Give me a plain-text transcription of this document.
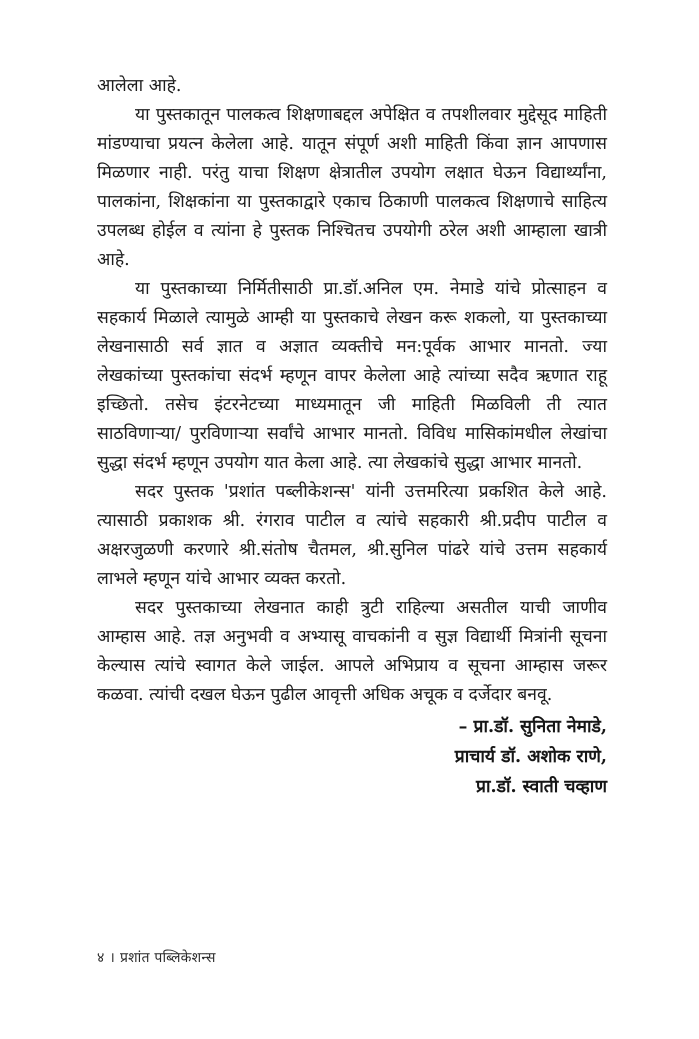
आलेला आहे.

या पुस्तकातून पालकत्व शिक्षणाबद्दल अपेक्षित व तपशीलवार मुद्देसूद माहिती मांडण्याचा प्रयत्न केलेला आहे. यातून संपूर्ण अशी माहिती किंवा ज्ञान आपणास मिळणार नाही. परंतु याचा शिक्षण क्षेत्रातील उपयोग लक्षात घेऊन विद्यार्थ्यांना, पालकांना, शिक्षकांना या पुस्तकाद्वारे एकाच ठिकाणी पालकत्व शिक्षणाचे साहित्य उपलब्ध होईल व त्यांना हे पुस्तक निश्चितच उपयोगी ठरेल अशी आम्हाला खात्री आहे.

या पुस्तकाच्या निर्मितीसाठी प्रा.डॉ.अनिल एम. नेमाडे यांचे प्रोत्साहन व सहकार्य मिळाले त्यामुळे आम्ही या पुस्तकाचे लेखन करू शकलो, या पुस्तकाच्या लेखनासाठी सर्व ज्ञात व अज्ञात व्यक्तीचे मन:पूर्वक आभार मानतो. ज्या लेखकांच्या पुस्तकांचा संदर्भ म्हणून वापर केलेला आहे त्यांच्या सदैव ऋणात राहू इच्छितो. तसेच इंटरनेटच्या माध्यमातून जी माहिती मिळविली ती त्यात साठविणाऱ्या/ पुरविणाऱ्या सर्वांचे आभार मानतो. विविध मासिकांमधील लेखांचा सुद्धा संदर्भ म्हणून उपयोग यात केला आहे. त्या लेखकांचे सुद्धा आभार मानतो.

सदर पुस्तक 'प्रशांत पब्लीकेशन्स' यांनी उत्तमरित्या प्रकशित केले आहे. त्यासाठी प्रकाशक श्री. रंगराव पाटील व त्यांचे सहकारी श्री.प्रदीप पाटील व अक्षरजुळणी करणारे श्री.संतोष चैतमल, श्री.सुनिल पांढरे यांचे उत्तम सहकार्य लाभले म्हणून यांचे आभार व्यक्त करतो.

सदर पुस्तकाच्या लेखनात काही त्रुटी राहिल्या असतील याची जाणीव आम्हास आहे. तज्ञ अनुभवी व अभ्यासू वाचकांनी व सुज्ञ विद्यार्थी मित्रांनी सूचना केल्यास त्यांचे स्वागत केले जाईल. आपले अभिप्राय व सूचना आम्हास जरूर कळवा. त्यांची दखल घेऊन पुढील आवृत्ती अधिक अचूक व दर्जेदार बनवू.

– प्रा.डॉ. सुनिता नेमाडे,
प्राचार्य डॉ. अशोक राणे,
प्रा.डॉ. स्वाती चव्हाण
४ । प्रशांत पब्लिकेशन्स
